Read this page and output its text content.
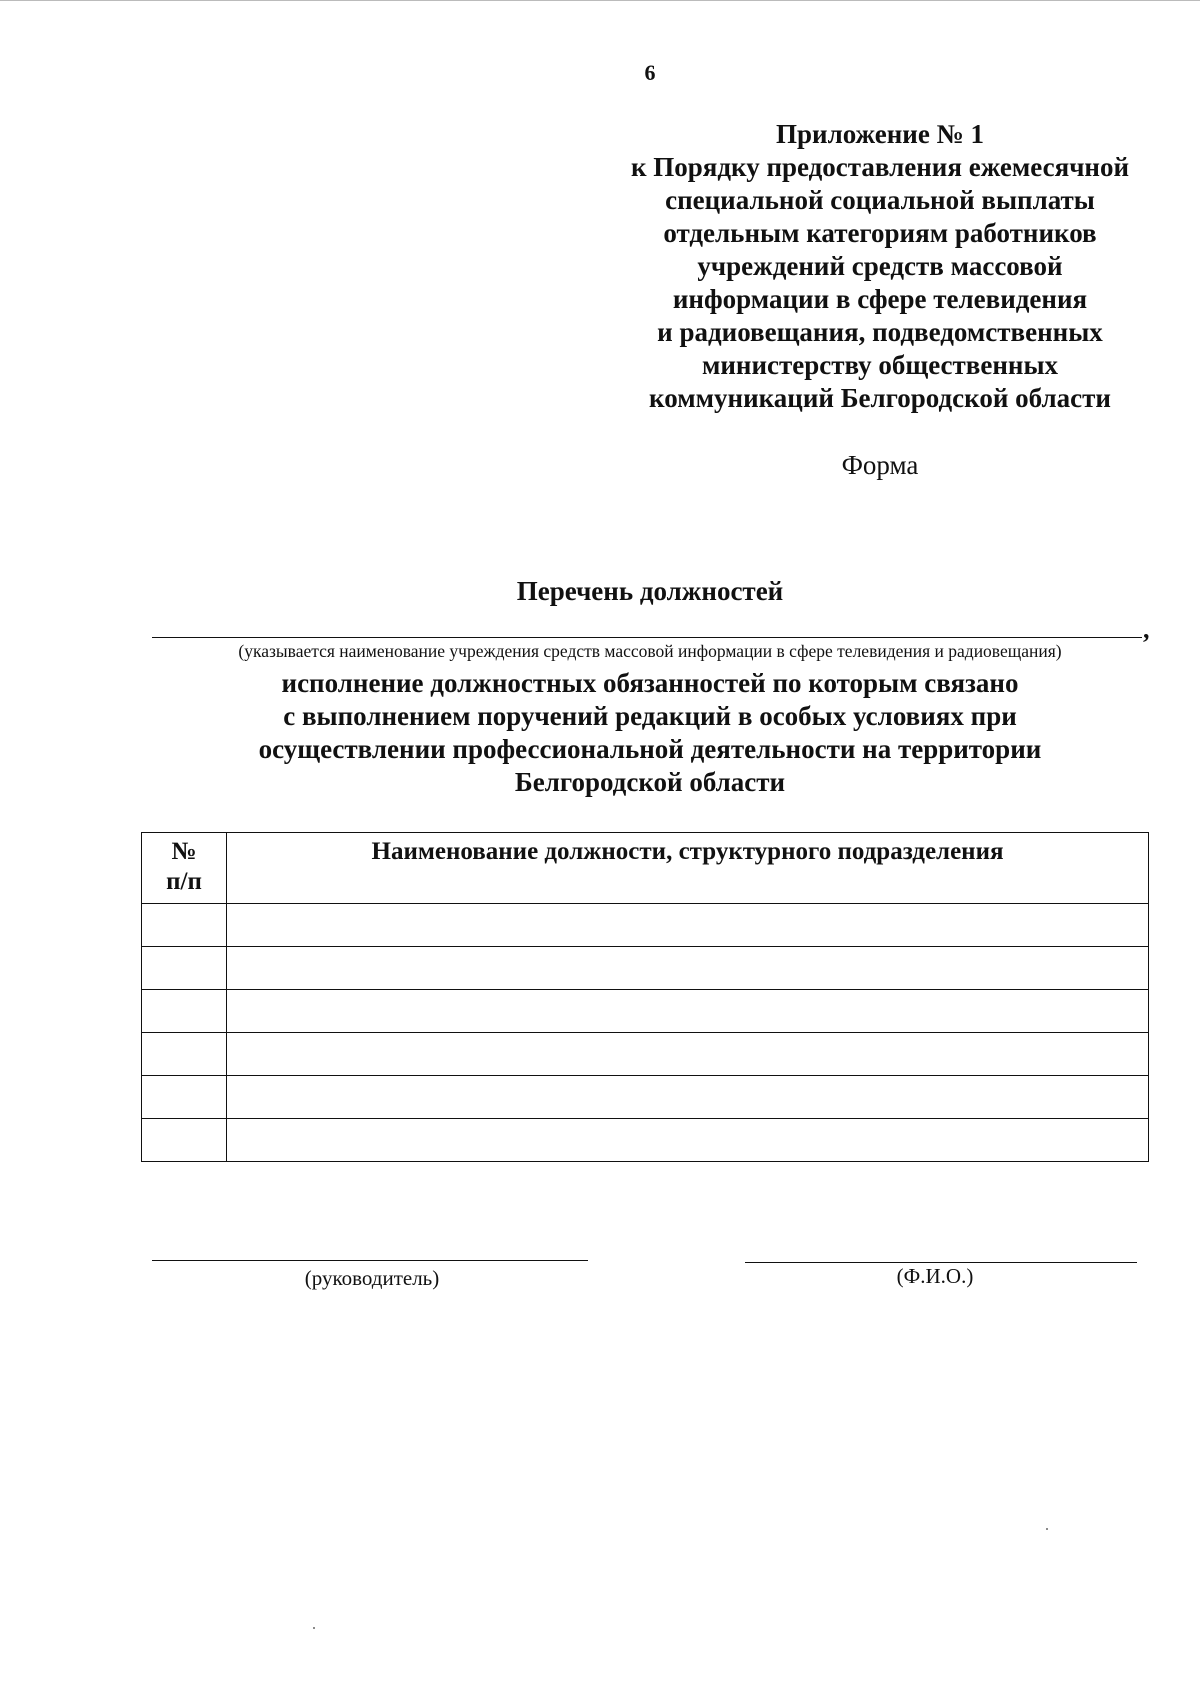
6
Приложение № 1
к Порядку предоставления ежемесячной
специальной социальной выплаты
отдельным категориям работников
учреждений средств массовой
информации в сфере телевидения
и радиовещания, подведомственных
министерству общественных
коммуникаций Белгородской области
Форма
Перечень должностей
,
(указывается наименование учреждения средств массовой информации в сфере телевидения и радиовещания)
исполнение должностных обязанностей по которым связано
с выполнением поручений редакций в особых условиях при
осуществлении профессиональной деятельности на территории
Белгородской области
№
п/п	Наименование должности, структурного подразделения

(руководитель)	(Ф.И.О.)
